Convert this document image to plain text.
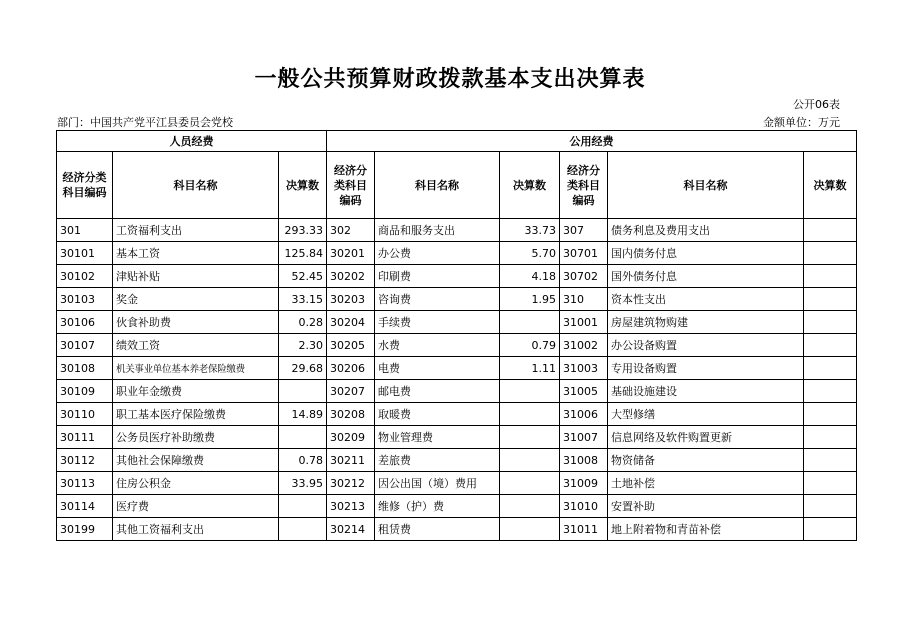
一般公共预算财政拨款基本支出决算表
公开06表
部门：中国共产党平江县委员会党校	金额单位：万元
人员经费			公用经费					
经济分类科目编码	科目名称	决算数	经济分类科目编码	科目名称	决算数	经济分类科目编码	科目名称	决算数
301	工资福利支出	293.33	302	商品和服务支出	33.73	307	债务利息及费用支出	
30101	基本工资	125.84	30201	办公费	5.70	30701	国内债务付息	
30102	津贴补贴	52.45	30202	印刷费	4.18	30702	国外债务付息	
30103	奖金	33.15	30203	咨询费	1.95	310	资本性支出	
30106	伙食补助费	0.28	30204	手续费		31001	房屋建筑物购建	
30107	绩效工资	2.30	30205	水费	0.79	31002	办公设备购置	
30108	机关事业单位基本养老保险缴费	29.68	30206	电费	1.11	31003	专用设备购置	
30109	职业年金缴费		30207	邮电费		31005	基础设施建设	
30110	职工基本医疗保险缴费	14.89	30208	取暖费		31006	大型修缮	
30111	公务员医疗补助缴费		30209	物业管理费		31007	信息网络及软件购置更新	
30112	其他社会保障缴费	0.78	30211	差旅费		31008	物资储备	
30113	住房公积金	33.95	30212	因公出国（境）费用		31009	土地补偿	
30114	医疗费		30213	维修（护）费		31010	安置补助	
30199	其他工资福利支出		30214	租赁费		31011	地上附着物和青苗补偿	
